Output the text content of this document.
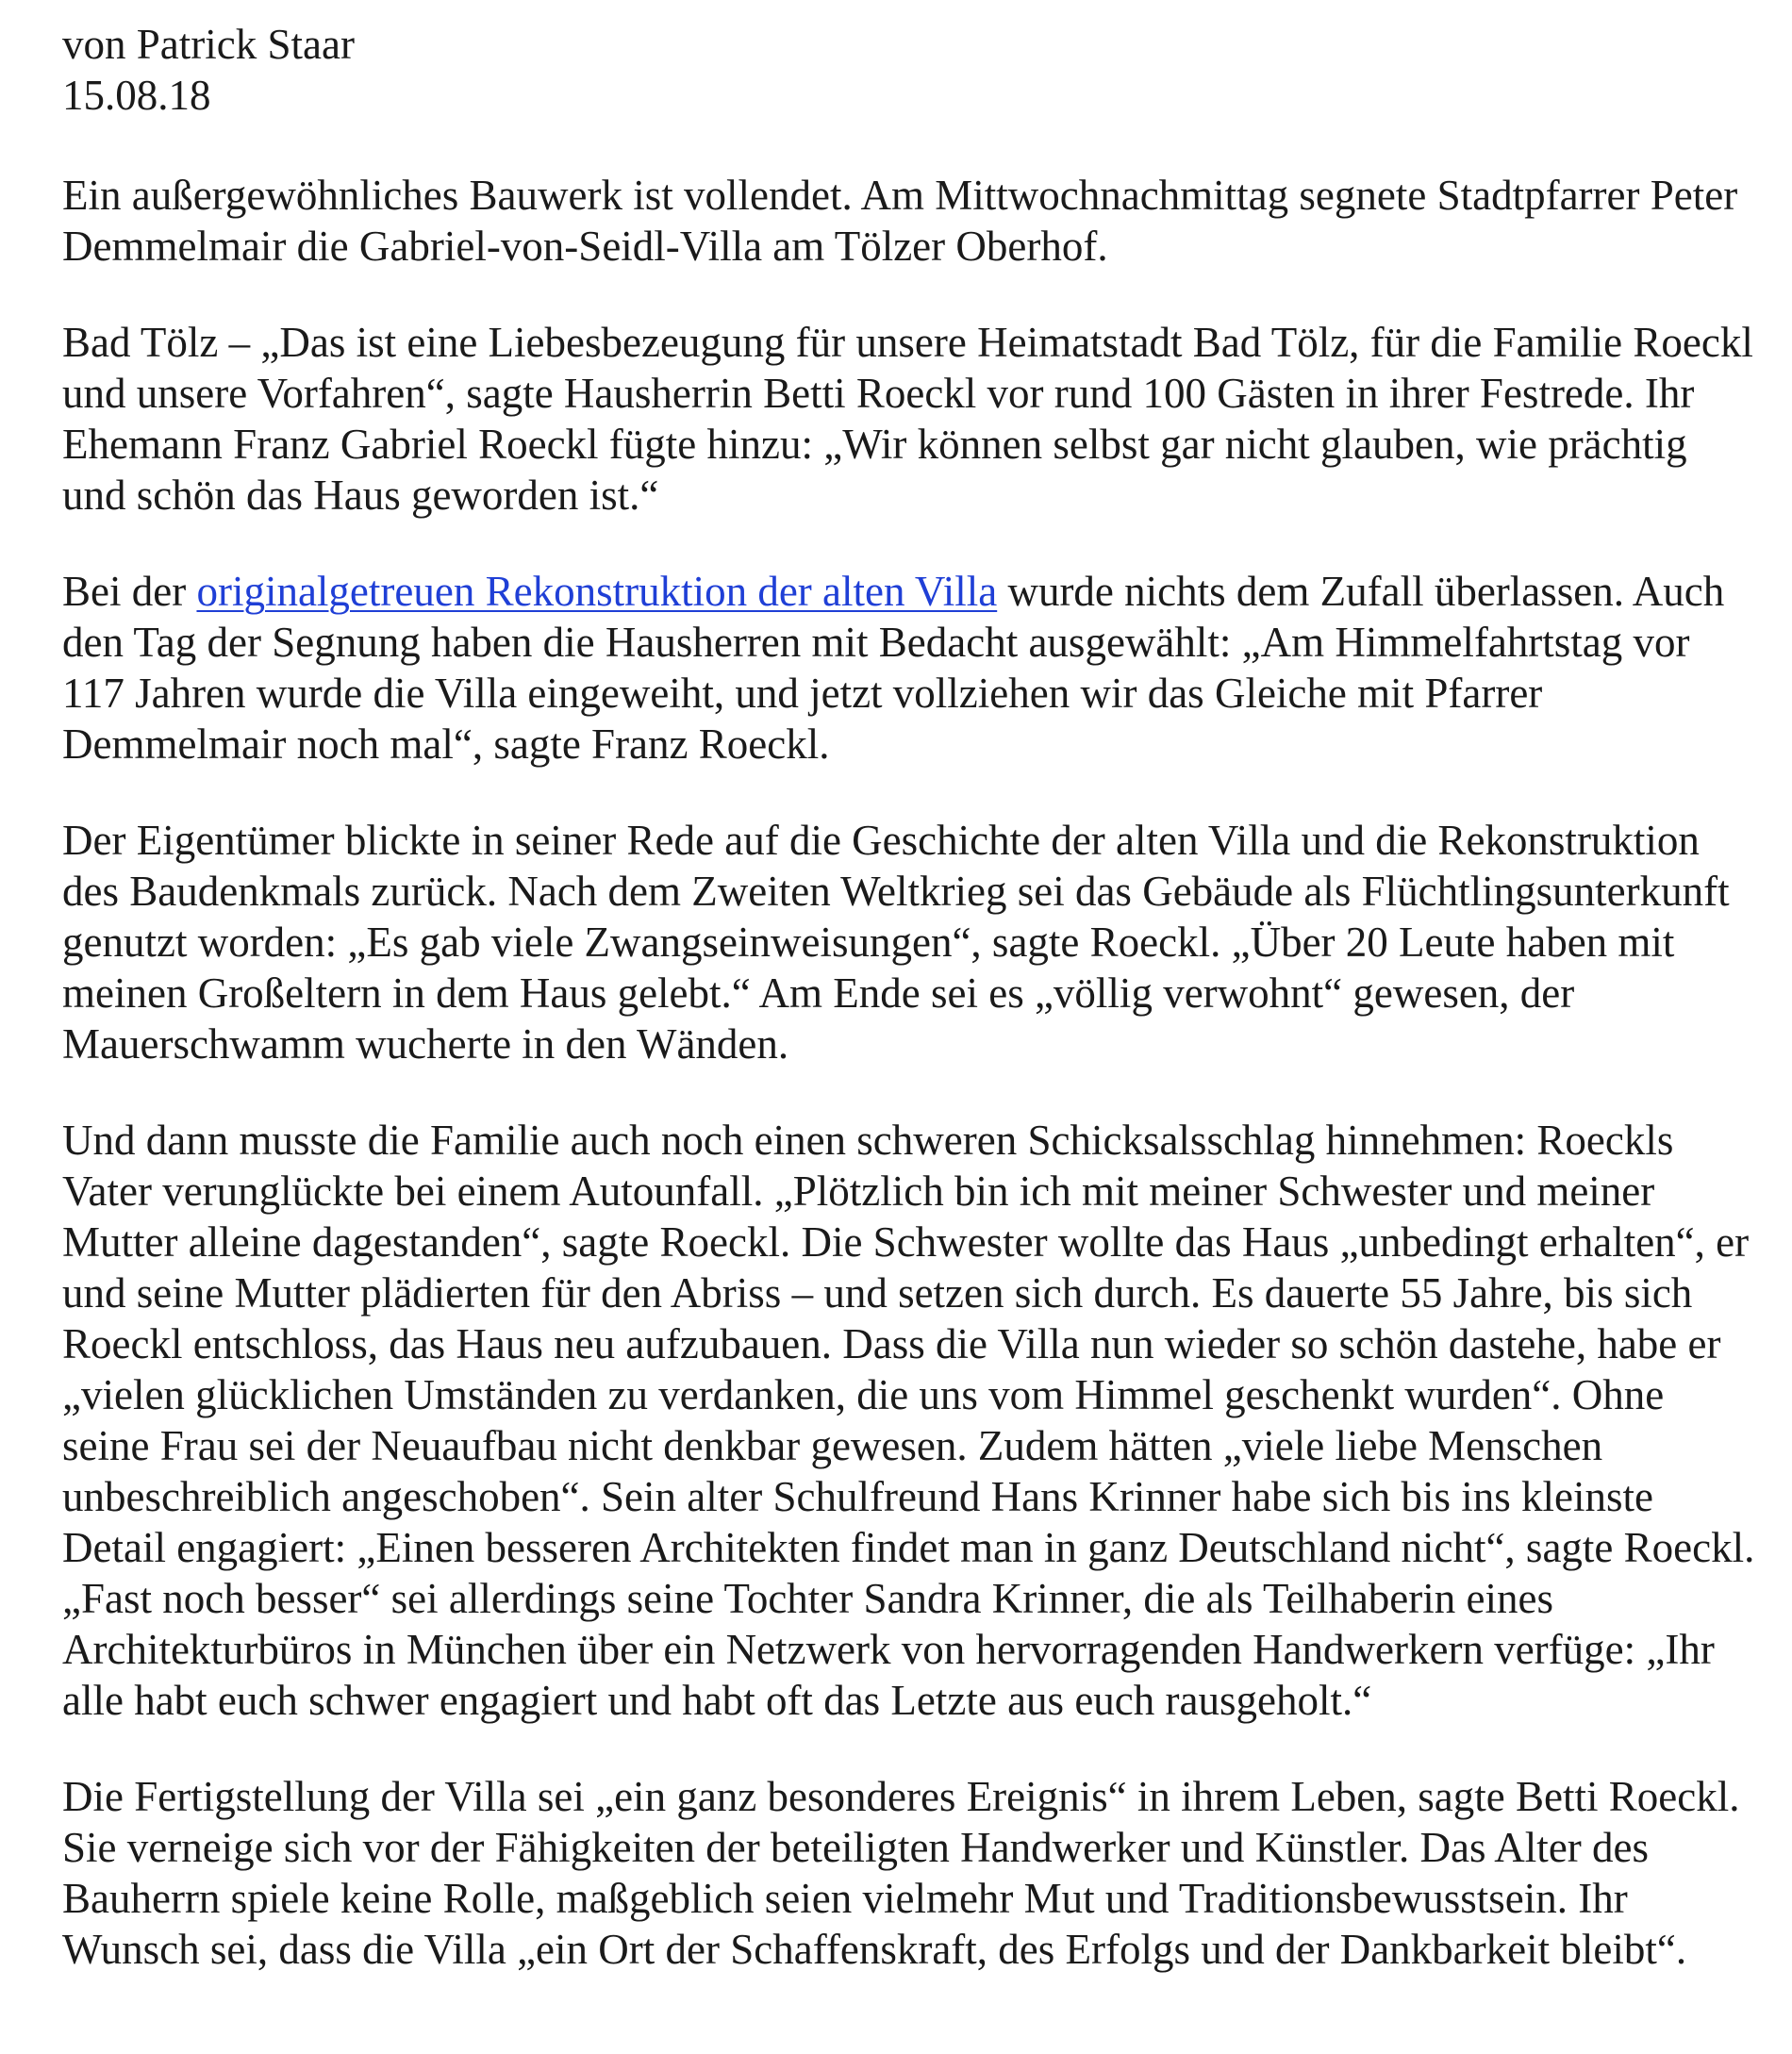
von Patrick Staar
15.08.18

Ein außergewöhnliches Bauwerk ist vollendet. Am Mittwochnachmittag segnete Stadtpfarrer Peter Demmelmair die Gabriel-von-Seidl-Villa am Tölzer Oberhof.

Bad Tölz – „Das ist eine Liebesbezeugung für unsere Heimatstadt Bad Tölz, für die Familie Roeckl und unsere Vorfahren“, sagte Hausherrin Betti Roeckl vor rund 100 Gästen in ihrer Festrede. Ihr Ehemann Franz Gabriel Roeckl fügte hinzu: „Wir können selbst gar nicht glauben, wie prächtig und schön das Haus geworden ist.“

Bei der originalgetreuen Rekonstruktion der alten Villa wurde nichts dem Zufall überlassen. Auch den Tag der Segnung haben die Hausherren mit Bedacht ausgewählt: „Am Himmelfahrtstag vor 117 Jahren wurde die Villa eingeweiht, und jetzt vollziehen wir das Gleiche mit Pfarrer Demmelmair noch mal“, sagte Franz Roeckl.

Der Eigentümer blickte in seiner Rede auf die Geschichte der alten Villa und die Rekonstruktion des Baudenkmals zurück. Nach dem Zweiten Weltkrieg sei das Gebäude als Flüchtlingsunterkunft genutzt worden: „Es gab viele Zwangseinweisungen“, sagte Roeckl. „Über 20 Leute haben mit meinen Großeltern in dem Haus gelebt.“ Am Ende sei es „völlig verwohnt“ gewesen, der Mauerschwamm wucherte in den Wänden.

Und dann musste die Familie auch noch einen schweren Schicksalsschlag hinnehmen: Roeckls Vater verunglückte bei einem Autounfall. „Plötzlich bin ich mit meiner Schwester und meiner Mutter alleine dagestanden“, sagte Roeckl. Die Schwester wollte das Haus „unbedingt erhalten“, er und seine Mutter plädierten für den Abriss – und setzen sich durch. Es dauerte 55 Jahre, bis sich Roeckl entschloss, das Haus neu aufzubauen. Dass die Villa nun wieder so schön dastehe, habe er „vielen glücklichen Umständen zu verdanken, die uns vom Himmel geschenkt wurden“. Ohne seine Frau sei der Neuaufbau nicht denkbar gewesen. Zudem hätten „viele liebe Menschen unbeschreiblich angeschoben“. Sein alter Schulfreund Hans Krinner habe sich bis ins kleinste Detail engagiert: „Einen besseren Architekten findet man in ganz Deutschland nicht“, sagte Roeckl. „Fast noch besser“ sei allerdings seine Tochter Sandra Krinner, die als Teilhaberin eines Architekturbüros in München über ein Netzwerk von hervorragenden Handwerkern verfüge: „Ihr alle habt euch schwer engagiert und habt oft das Letzte aus euch rausgeholt.“

Die Fertigstellung der Villa sei „ein ganz besonderes Ereignis“ in ihrem Leben, sagte Betti Roeckl. Sie verneige sich vor der Fähigkeiten der beteiligten Handwerker und Künstler. Das Alter des Bauherrn spiele keine Rolle, maßgeblich seien vielmehr Mut und Traditionsbewusstsein. Ihr Wunsch sei, dass die Villa „ein Ort der Schaffenskraft, des Erfolgs und der Dankbarkeit bleibt“.
